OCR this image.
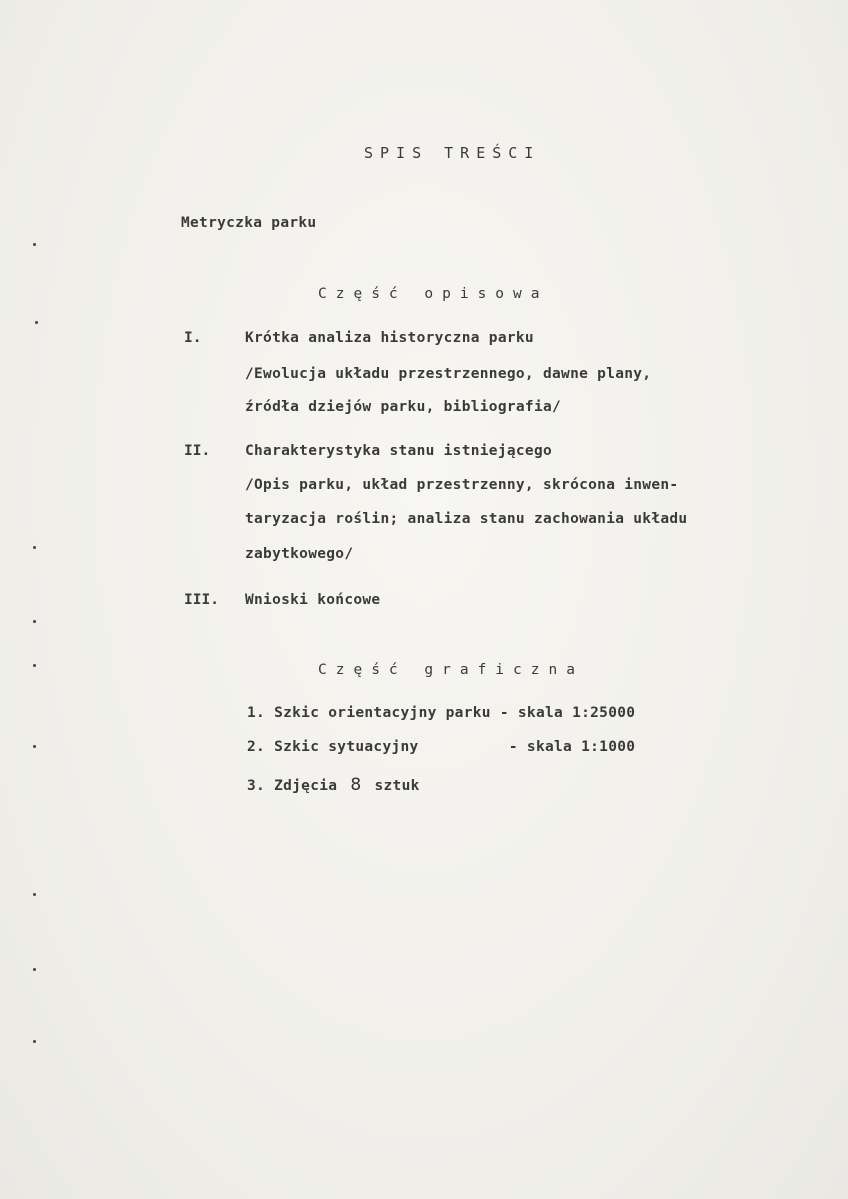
SPIS TREŚCI
Metryczka parku
Część opisowa
I.	Krótka analiza historyczna parku
/Ewolucja układu przestrzennego, dawne plany,
źródła dziejów parku, bibliografia/
II. Charakterystyka stanu istniejącego
/Opis parku, układ przestrzenny, skrócona inwen-
taryzacja roślin; analiza stanu zachowania układu
zabytkowego/
III. Wnioski końcowe
Część graficzna
1. Szkic orientacyjny parku - skala 1:25000
2. Szkic sytuacyjny          - skala 1:1000
3. Zdjęcia 8 sztuk
